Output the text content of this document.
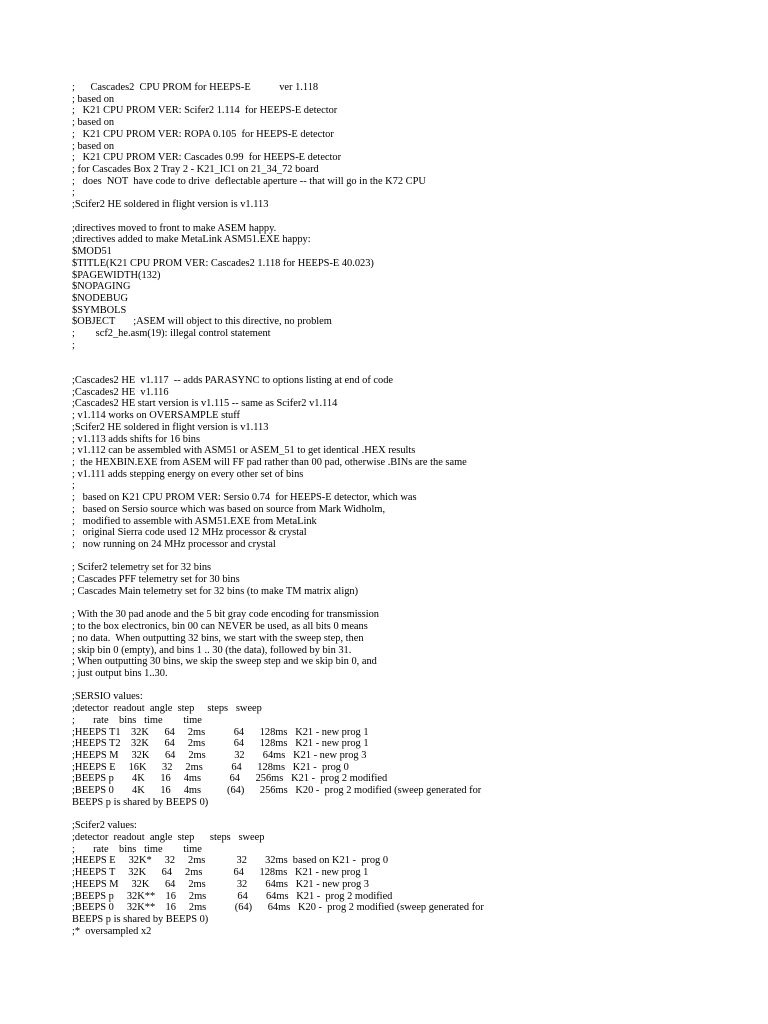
;      Cascades2  CPU PROM for HEEPS-E           ver 1.118
; based on
;   K21 CPU PROM VER: Scifer2 1.114  for HEEPS-E detector
; based on
;   K21 CPU PROM VER: ROPA 0.105  for HEEPS-E detector
; based on
;   K21 CPU PROM VER: Cascades 0.99  for HEEPS-E detector
; for Cascades Box 2 Tray 2 - K21_IC1 on 21_34_72 board
;   does  NOT  have code to drive  deflectable aperture -- that will go in the K72 CPU
;
;Scifer2 HE soldered in flight version is v1.113

;directives moved to front to make ASEM happy.
;directives added to make MetaLink ASM51.EXE happy:
$MOD51
$TITLE(K21 CPU PROM VER: Cascades2 1.118 for HEEPS-E 40.023)
$PAGEWIDTH(132)
$NOPAGING
$NODEBUG
$SYMBOLS
$OBJECT       ;ASEM will object to this directive, no problem
;        scf2_he.asm(19): illegal control statement
;

;Cascades2 HE  v1.117  -- adds PARASYNC to options listing at end of code
;Cascades2 HE  v1.116
;Cascades2 HE start version is v1.115 -- same as Scifer2 v1.114
; v1.114 works on OVERSAMPLE stuff
;Scifer2 HE soldered in flight version is v1.113
; v1.113 adds shifts for 16 bins
; v1.112 can be assembled with ASM51 or ASEM_51 to get identical .HEX results
;  the HEXBIN.EXE from ASEM will FF pad rather than 00 pad, otherwise .BINs are the same
; v1.111 adds stepping energy on every other set of bins
;
;   based on K21 CPU PROM VER: Sersio 0.74  for HEEPS-E detector, which was
;   based on Sersio source which was based on source from Mark Widholm,
;   modified to assemble with ASM51.EXE from MetaLink
;   original Sierra code used 12 MHz processor & crystal
;   now running on 24 MHz processor and crystal

; Scifer2 telemetry set for 32 bins
; Cascades PFF telemetry set for 30 bins
; Cascades Main telemetry set for 32 bins (to make TM matrix align)

; With the 30 pad anode and the 5 bit gray code encoding for transmission
; to the box electronics, bin 00 can NEVER be used, as all bits 0 means
; no data.  When outputting 32 bins, we start with the sweep step, then
; skip bin 0 (empty), and bins 1 .. 30 (the data), followed by bin 31.
; When outputting 30 bins, we skip the sweep step and we skip bin 0, and
; just output bins 1..30.

;SERSIO values:
;detector  readout  angle  step     steps   sweep
;       rate    bins   time        time
;HEEPS T1    32K      64     2ms           64      128ms   K21 - new prog 1
;HEEPS T2    32K      64     2ms           64      128ms   K21 - new prog 1
;HEEPS M     32K      64     2ms           32       64ms   K21 - new prog 3
;HEEPS E     16K      32     2ms           64      128ms   K21 -  prog 0
;BEEPS p       4K      16     4ms           64      256ms   K21 -  prog 2 modified
;BEEPS 0       4K      16     4ms          (64)      256ms   K20 -  prog 2 modified (sweep generated for
BEEPS p is shared by BEEPS 0)

;Scifer2 values:
;detector  readout  angle  step      steps   sweep
;       rate    bins   time        time
;HEEPS E     32K*     32     2ms            32       32ms  based on K21 -  prog 0
;HEEPS T     32K      64     2ms            64      128ms   K21 - new prog 1
;HEEPS M     32K      64     2ms            32       64ms   K21 - new prog 3
;BEEPS p     32K**    16     2ms            64       64ms   K21 -  prog 2 modified
;BEEPS 0     32K**    16     2ms           (64)      64ms   K20 -  prog 2 modified (sweep generated for
BEEPS p is shared by BEEPS 0)
;*  oversampled x2
